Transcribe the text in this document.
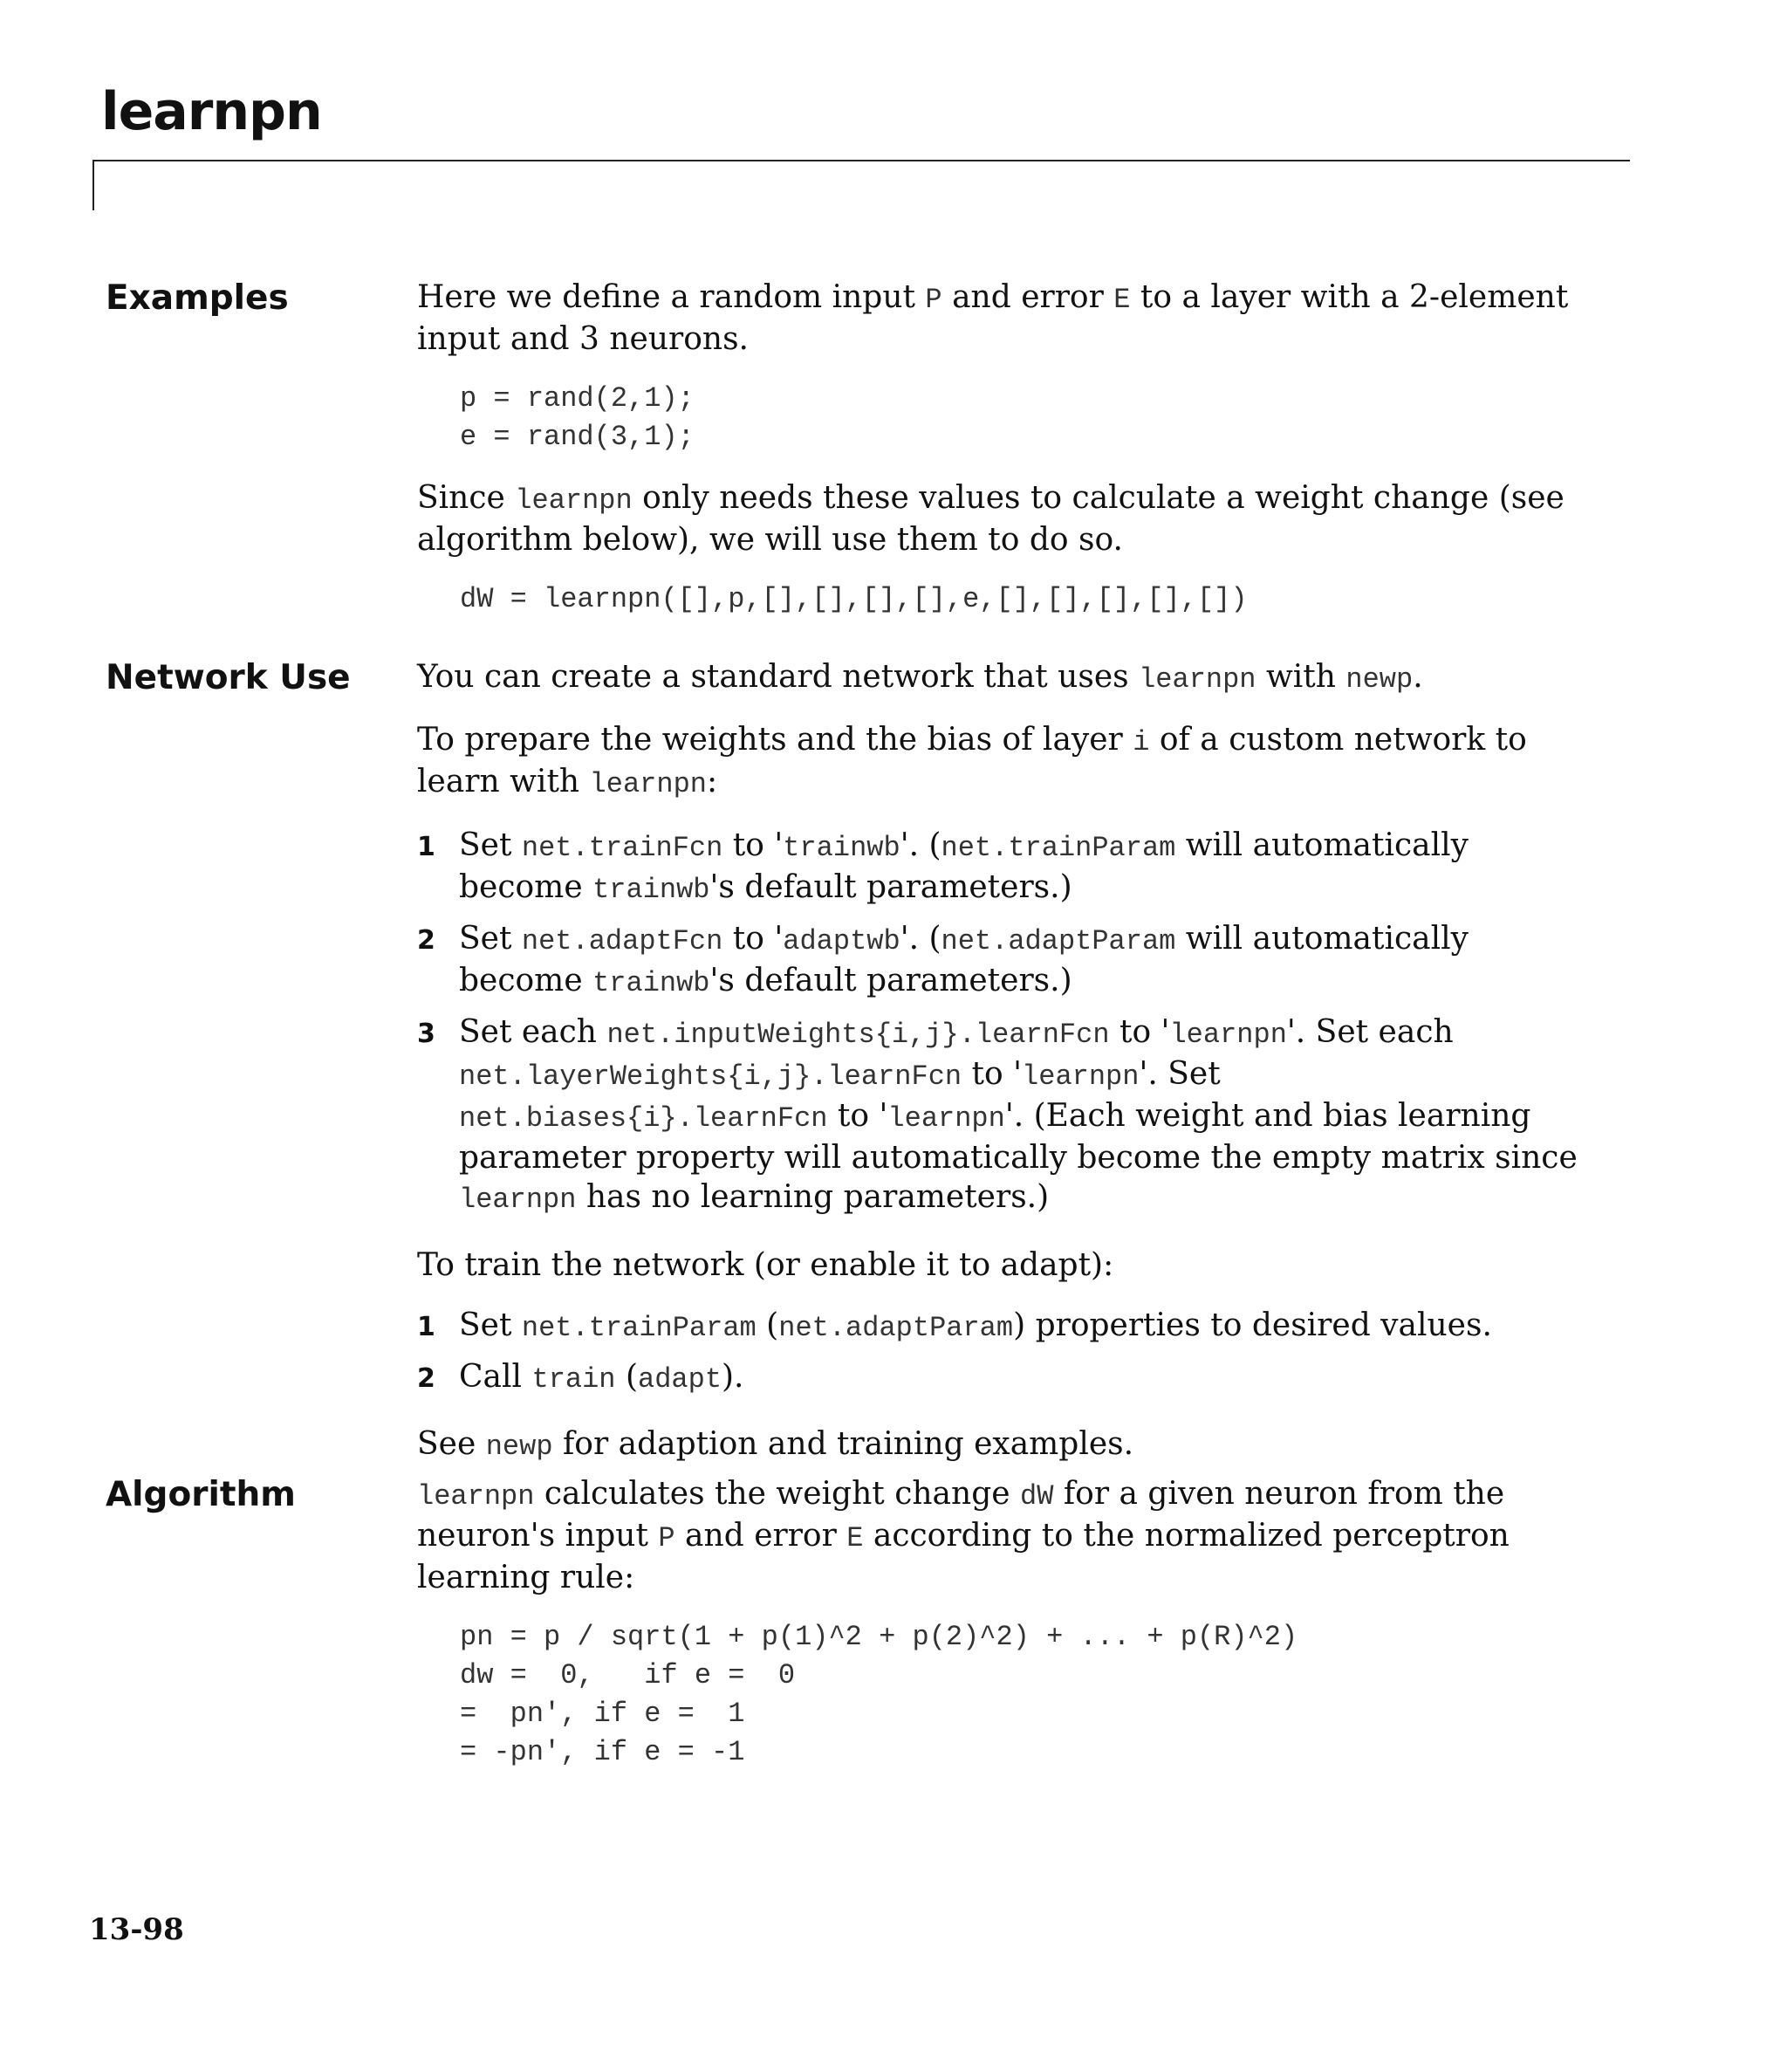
learnpn
Examples	Here we define a random input P and error E to a layer with a 2-element input and 3 neurons.

p = rand(2,1);
e = rand(3,1);

Since learnpn only needs these values to calculate a weight change (see algorithm below), we will use them to do so.

dW = learnpn([],p,[],[],[],[],e,[],[],[],[],[])
Network Use You can create a standard network that uses learnpn with newp.

To prepare the weights and the bias of layer i of a custom network to learn with learnpn:

1 Set net.trainFcn to 'trainwb'. (net.trainParam will automatically become trainwb's default parameters.)
2 Set net.adaptFcn to 'adaptwb'. (net.adaptParam will automatically become trainwb's default parameters.)
3 Set each net.inputWeights{i,j}.learnFcn to 'learnpn'. Set each net.layerWeights{i,j}.learnFcn to 'learnpn'. Set net.biases{i}.learnFcn to 'learnpn'. (Each weight and bias learning parameter property will automatically become the empty matrix since learnpn has no learning parameters.)

To train the network (or enable it to adapt):

1 Set net.trainParam (net.adaptParam) properties to desired values.
2 Call train (adapt).

See newp for adaption and training examples.

Algorithm	learnpn calculates the weight change dW for a given neuron from the neuron's input P and error E according to the normalized perceptron learning rule:

pn = p / sqrt(1 + p(1)^2 + p(2)^2) + ... + p(R)^2)
dw =  0,   if e =  0
=  pn', if e =  1
= -pn', if e = -1
13-98
